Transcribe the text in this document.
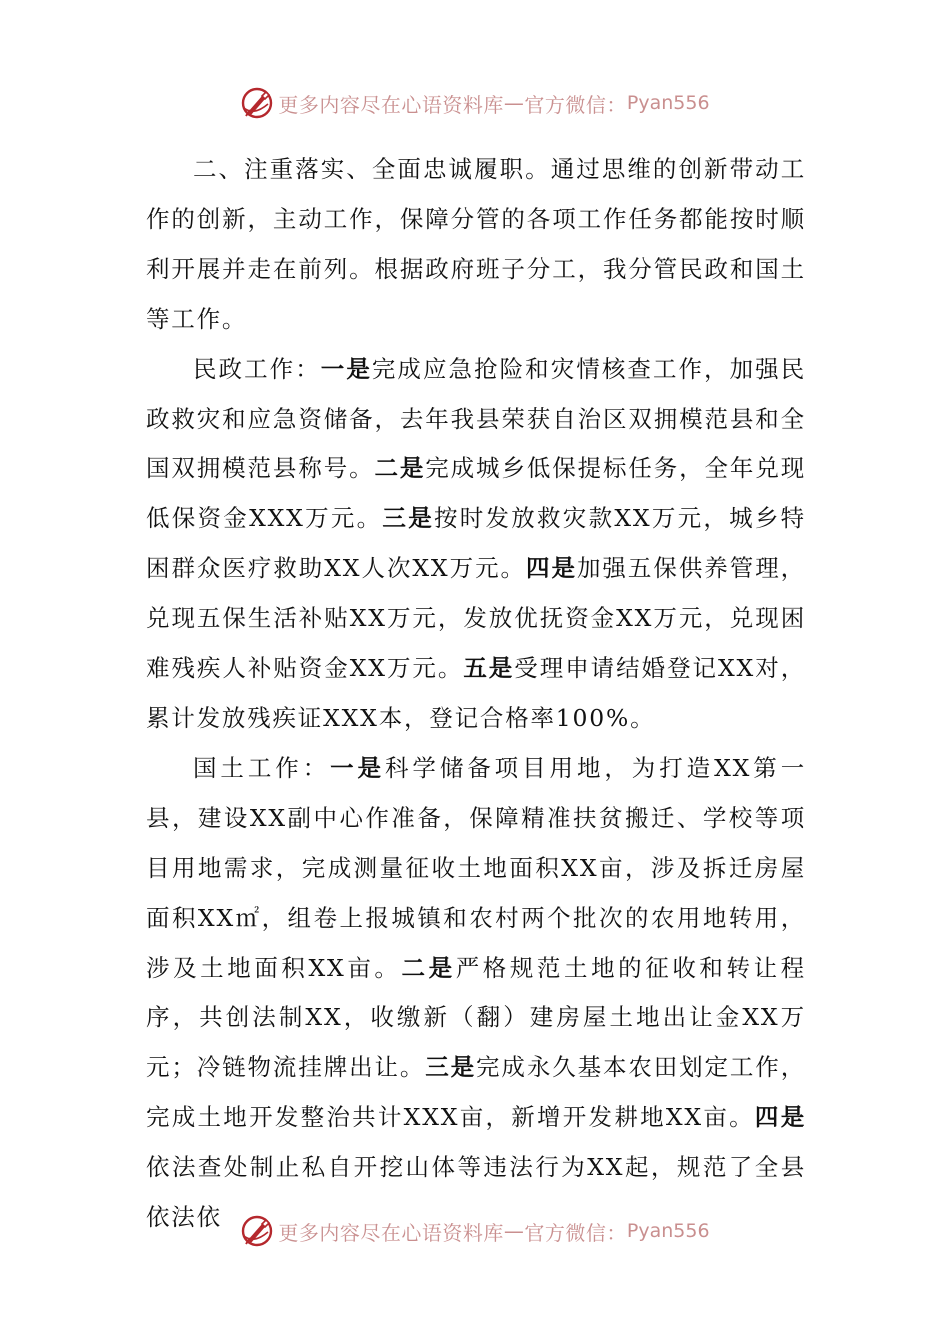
更多内容尽在心语资料库 — 官方微信： Pyan556

二、注重落实、全面忠诚履职。通过思维的创新带动工作的创新，主动工作，保障分管的各项工作任务都能按时顺利开展并走在前列。根据政府班子分工，我分管民政和国土等工作。

民政工作：一是完成应急抢险和灾情核查工作，加强民政救灾和应急资储备，去年我县荣获自治区双拥模范县和全国双拥模范县称号。二是完成城乡低保提标任务，全年兑现低保资金XXX万元。三是按时发放救灾款XX万元，城乡特困群众医疗救助XX人次XX万元。四是加强五保供养管理，兑现五保生活补贴XX万元，发放优抚资金XX万元，兑现困难残疾人补贴资金XX万元。五是受理申请结婚登记XX对，累计发放残疾证XXX本，登记合格率100%。

国土工作：一是科学储备项目用地，为打造XX第一县，建设XX副中心作准备，保障精准扶贫搬迁、学校等项目用地需求，完成测量征收土地面积XX亩，涉及拆迁房屋面积XX㎡，组卷上报城镇和农村两个批次的农用地转用，涉及土地面积XX亩。二是严格规范土地的征收和转让程序，共创法制XX，收缴新（翻）建房屋土地出让金XX万元；冷链物流挂牌出让。三是完成永久基本农田划定工作，完成土地开发整治共计XXX亩，新增开发耕地XX亩。四是依法查处制止私自开挖山体等违法行为XX起，规范了全县依法依

更多内容尽在心语资料库 — 官方微信： Pyan556
